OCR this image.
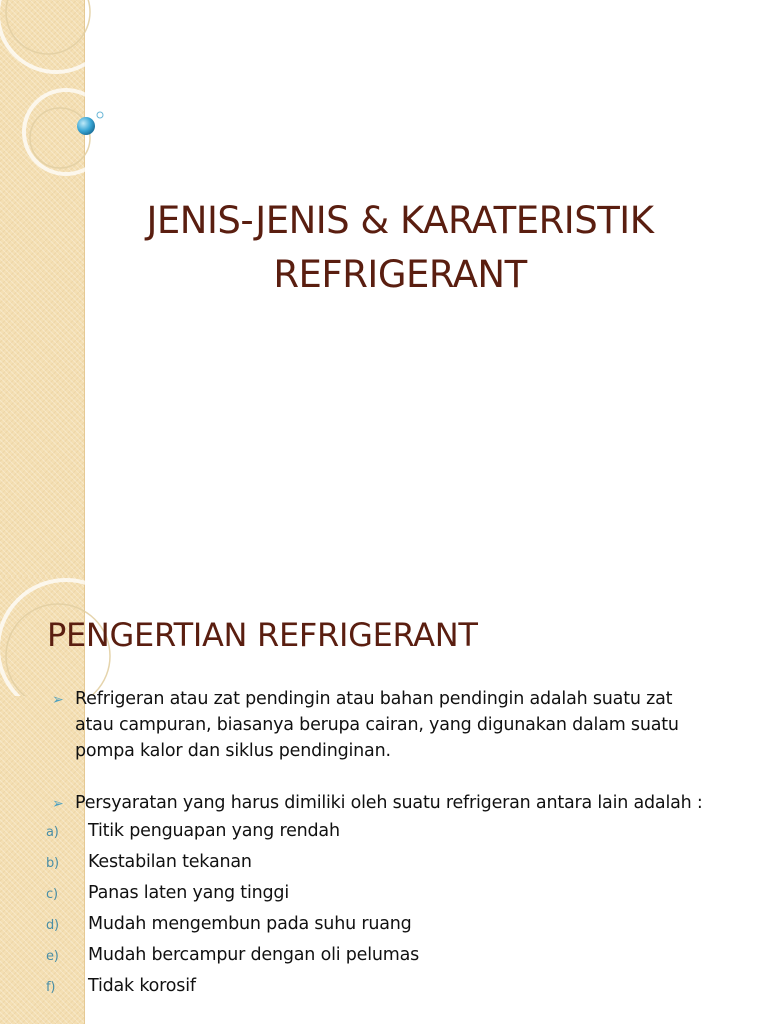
JENIS-JENIS & KARATERISTIK
REFRIGERANT
PENGERTIAN REFRIGERANT
➢ Refrigeran atau zat pendingin atau bahan pendingin adalah suatu zat
atau campuran, biasanya berupa cairan, yang digunakan dalam suatu
pompa kalor dan siklus pendinginan.
➢ Persyaratan yang harus dimiliki oleh suatu refrigeran antara lain adalah :
a) Titik penguapan yang rendah
b) Kestabilan tekanan
c) Panas laten yang tinggi
d) Mudah mengembun pada suhu ruang
e) Mudah bercampur dengan oli pelumas
f) Tidak korosif
